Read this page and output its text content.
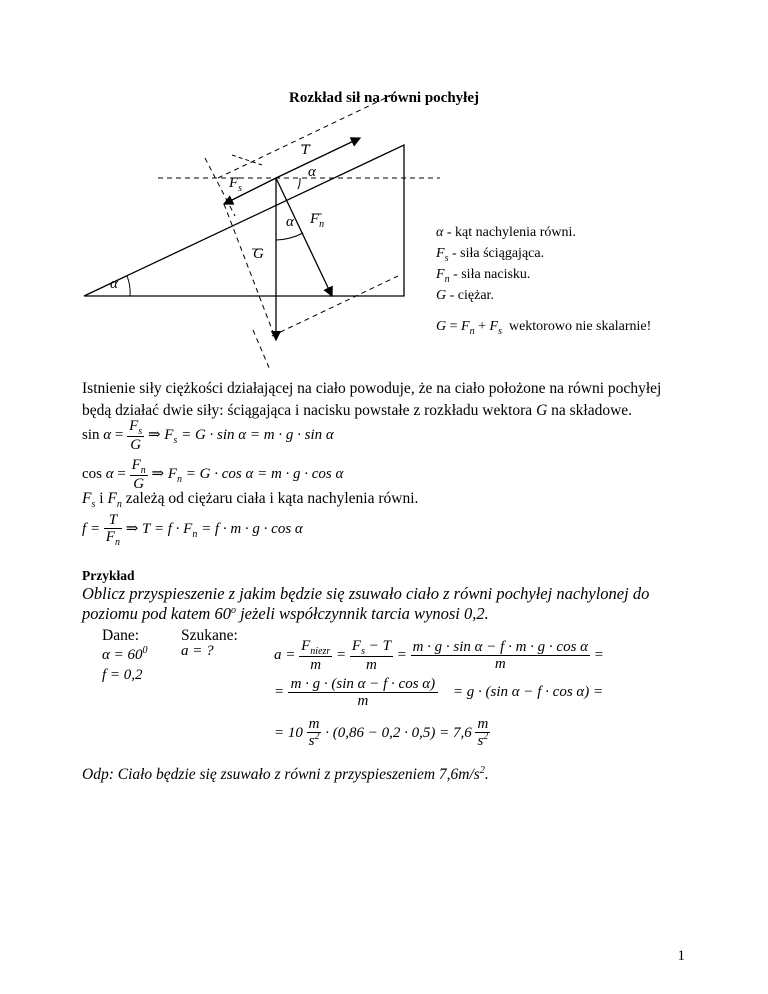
Rozkład sił na równi pochyłej
T
$F_s$
$F_n$
G
α
α
α
α - kąt nachylenia równi.
$F_s$ - siła ściągająca.
$F_n$ - siła nacisku.
G - ciężar.
$G = F_n + F_s$ wektorowo nie skalarnie!
Istnienie siły ciężkości działającej na ciało powoduje, że na ciało położone na równi pochyłej
będą działać dwie siły: ściągająca i nacisku powstałe z rozkładu wektora G na składowe.
$\sin \alpha = \frac{F_s}{G}$ ⇒ $F_s = G \cdot \sin \alpha = m \cdot g \cdot \sin \alpha$
$\cos \alpha = \frac{F_n}{G}$ ⇒ $F_n = G \cdot \cos \alpha = m \cdot g \cdot \cos \alpha$
$F_s$ i $F_n$ zależą od ciężaru ciała i kąta nachylenia równi.
$f = \frac{T}{F_n}$ ⇒ $T = f \cdot F_n = f \cdot m \cdot g \cdot \cos \alpha$
Przykład
Oblicz przyspieszenie z jakim będzie się zsuwało ciało z równi pochyłej nachylonej do
poziomu pod katem 60$^o$ jeżeli współczynnik tarcia wynosi 0,2.
Dane:
$\alpha = 60^0$
f = 0,2
Szukane:
a = ?	$a = \frac{F_{niezr}}{m} = \frac{F_s - T}{m} = \frac{\text{m · g · sin α − f · m · g · cos α}}{m}$ =
= $\frac{\text{m · g · (sin α − f · cos α)}}{m} = g \cdot (\sin$ α − f · cos α) =
= $10 \frac{m}{s^2} \cdot (0,86 - 0,2 \cdot 0,5) = 7,6 \frac{m}{s^2}$
Odp: Ciało będzie się zsuwało z równi z przyspieszeniem $7,6m/s^2$.
1
